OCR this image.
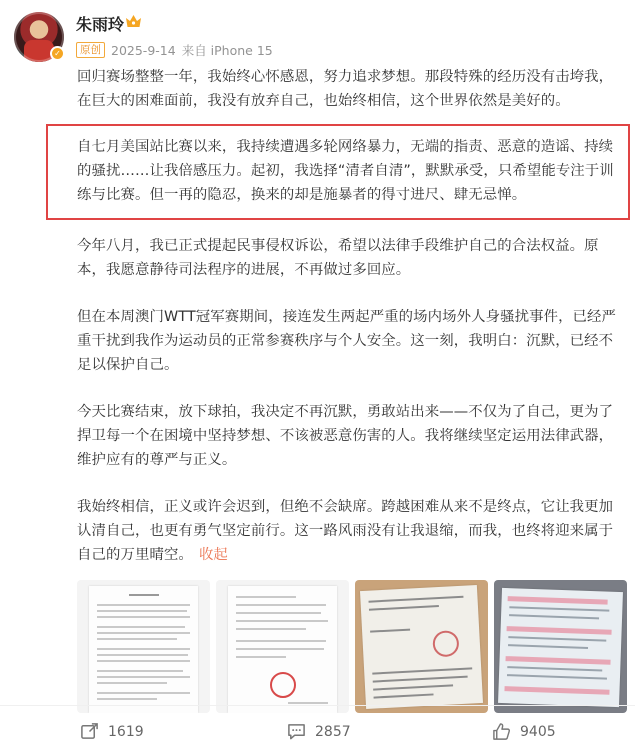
✓
朱雨玲
原创 2025-9-14 来自 iPhone 15
回归赛场整整一年，我始终心怀感恩，努力追求梦想。那段特殊的经历没有击垮我，在巨大的困难面前，我没有放弃自己，也始终相信，这个世界依然是美好的。
自七月美国站比赛以来，我持续遭遇多轮网络暴力，无端的指责、恶意的造谣、持续的骚扰……让我倍感压力。起初，我选择“清者自清”，默默承受，只希望能专注于训练与比赛。但一再的隐忍，换来的却是施暴者的得寸进尺、肆无忌惮。
今年八月，我已正式提起民事侵权诉讼，希望以法律手段维护自己的合法权益。原本，我愿意静待司法程序的进展，不再做过多回应。
但在本周澳门WTT冠军赛期间，接连发生两起严重的场内场外人身骚扰事件，已经严重干扰到我作为运动员的正常参赛秩序与个人安全。这一刻，我明白：沉默，已经不足以保护自己。
今天比赛结束，放下球拍，我决定不再沉默，勇敢站出来——不仅为了自己，更为了捍卫每一个在困境中坚持梦想、不该被恶意伤害的人。我将继续坚定运用法律武器，维护应有的尊严与正义。
我始终相信，正义或许会迟到，但绝不会缺席。跨越困难从来不是终点，它让我更加认清自己，也更有勇气坚定前行。这一路风雨没有让我退缩，而我，也终将迎来属于自己的万里晴空。 收起
1619	2857	9405
